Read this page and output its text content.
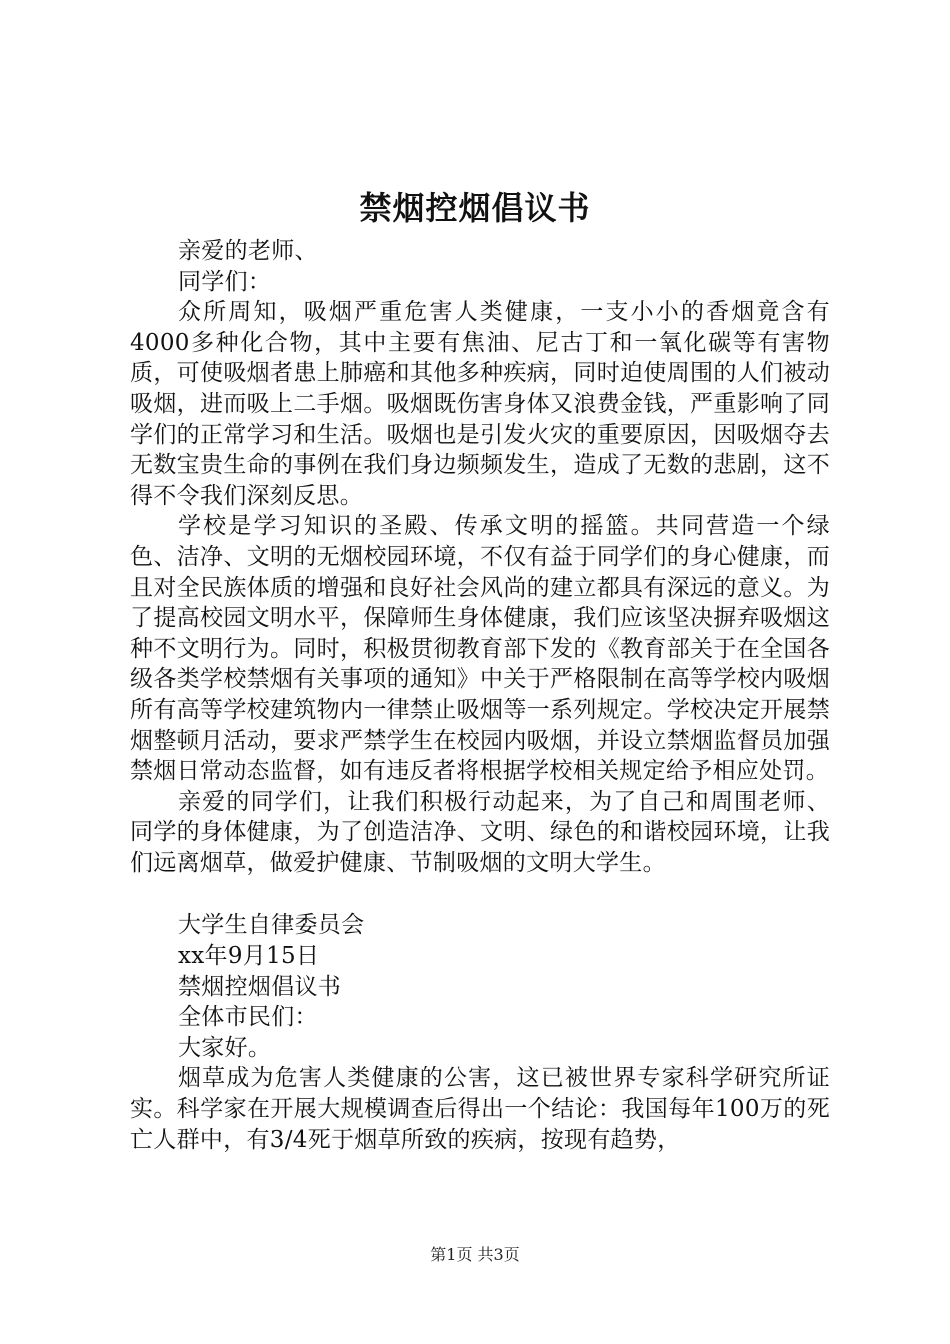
禁烟控烟倡议书

亲爱的老师、

同学们：

众所周知，吸烟严重危害人类健康，一支小小的香烟竟含有4000多种化合物，其中主要有焦油、尼古丁和一氧化碳等有害物质，可使吸烟者患上肺癌和其他多种疾病，同时迫使周围的人们被动吸烟，进而吸上二手烟。吸烟既伤害身体又浪费金钱，严重影响了同学们的正常学习和生活。吸烟也是引发火灾的重要原因，因吸烟夺去无数宝贵生命的事例在我们身边频频发生，造成了无数的悲剧，这不得不令我们深刻反思。

学校是学习知识的圣殿、传承文明的摇篮。共同营造一个绿色、洁净、文明的无烟校园环境，不仅有益于同学们的身心健康，而且对全民族体质的增强和良好社会风尚的建立都具有深远的意义。为了提高校园文明水平，保障师生身体健康，我们应该坚决摒弃吸烟这种不文明行为。同时，积极贯彻教育部下发的《教育部关于在全国各级各类学校禁烟有关事项的通知》中关于严格限制在高等学校内吸烟所有高等学校建筑物内一律禁止吸烟等一系列规定。学校决定开展禁烟整顿月活动，要求严禁学生在校园内吸烟，并设立禁烟监督员加强禁烟日常动态监督，如有违反者将根据学校相关规定给予相应处罚。

亲爱的同学们，让我们积极行动起来，为了自己和周围老师、同学的身体健康，为了创造洁净、文明、绿色的和谐校园环境，让我们远离烟草，做爱护健康、节制吸烟的文明大学生。

大学生自律委员会

xx年9月15日

禁烟控烟倡议书

全体市民们：

大家好。

烟草成为危害人类健康的公害，这已被世界专家科学研究所证实。科学家在开展大规模调查后得出一个结论：我国每年100万的死亡人群中，有3/4死于烟草所致的疾病，按现有趋势，

第1页 共3页
